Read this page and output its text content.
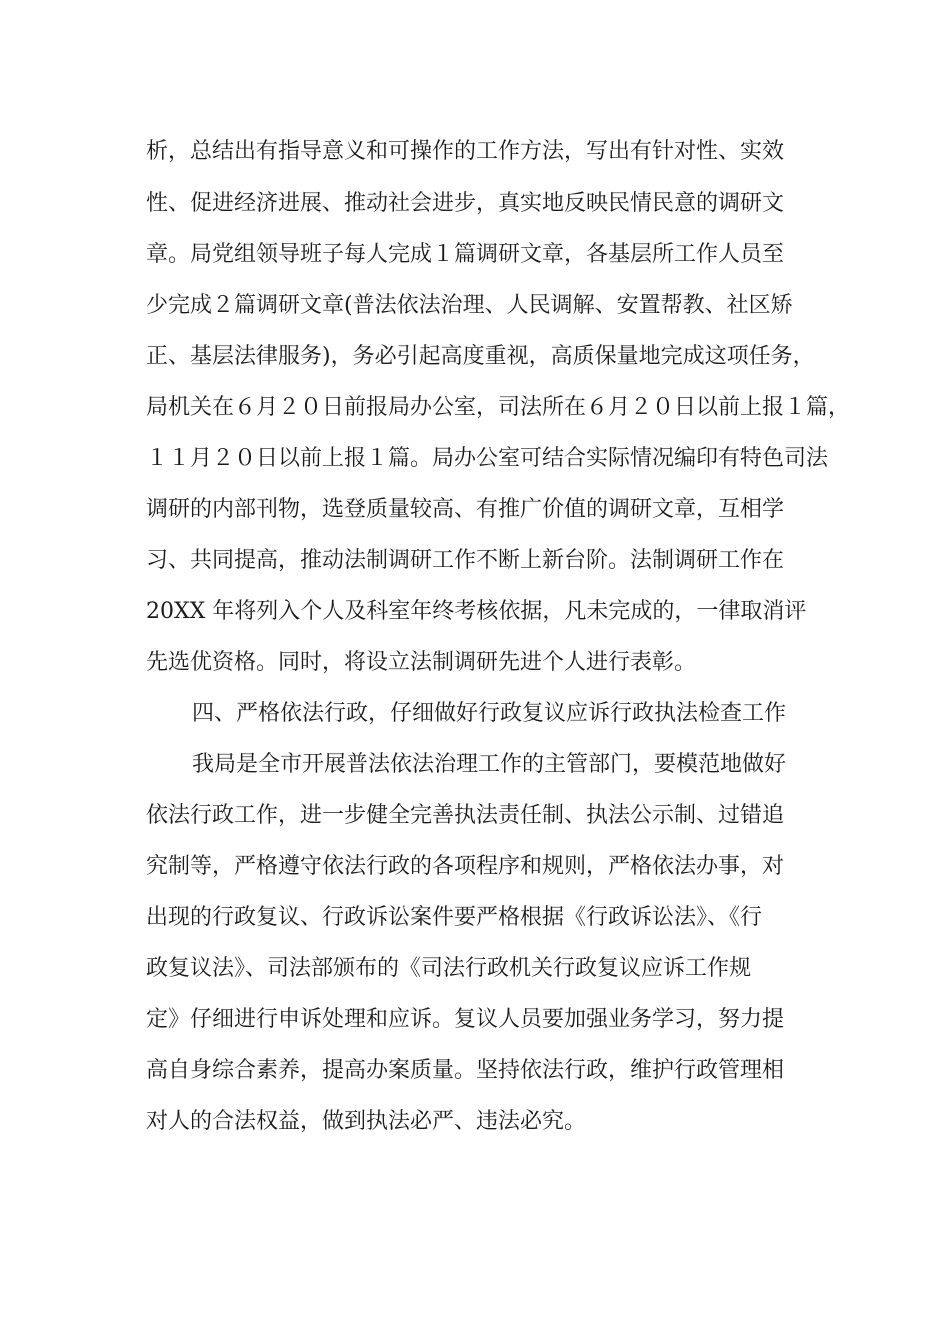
析，总结出有指导意义和可操作的工作方法，写出有针对性、实效
性、促进经济进展、推动社会进步，真实地反映民情民意的调研文
章。局党组领导班子每人完成１篇调研文章，各基层所工作人员至
少完成２篇调研文章(普法依法治理、人民调解、安置帮教、社区矫
正、基层法律服务)，务必引起高度重视，高质保量地完成这项任务，
局机关在６月２０日前报局办公室，司法所在６月２０日以前上报１篇，
１１月２０日以前上报１篇。局办公室可结合实际情况编印有特色司法
调研的内部刊物，选登质量较高、有推广价值的调研文章，互相学
习、共同提高，推动法制调研工作不断上新台阶。法制调研工作在
20XX 年将列入个人及科室年终考核依据，凡未完成的，一律取消评
先选优资格。同时，将设立法制调研先进个人进行表彰。
四、严格依法行政，仔细做好行政复议应诉行政执法检查工作
我局是全市开展普法依法治理工作的主管部门，要模范地做好
依法行政工作，进一步健全完善执法责任制、执法公示制、过错追
究制等，严格遵守依法行政的各项程序和规则，严格依法办事，对
出现的行政复议、行政诉讼案件要严格根据《行政诉讼法》、《行
政复议法》、司法部颁布的《司法行政机关行政复议应诉工作规
定》仔细进行申诉处理和应诉。复议人员要加强业务学习，努力提
高自身综合素养，提高办案质量。坚持依法行政，维护行政管理相
对人的合法权益，做到执法必严、违法必究。
